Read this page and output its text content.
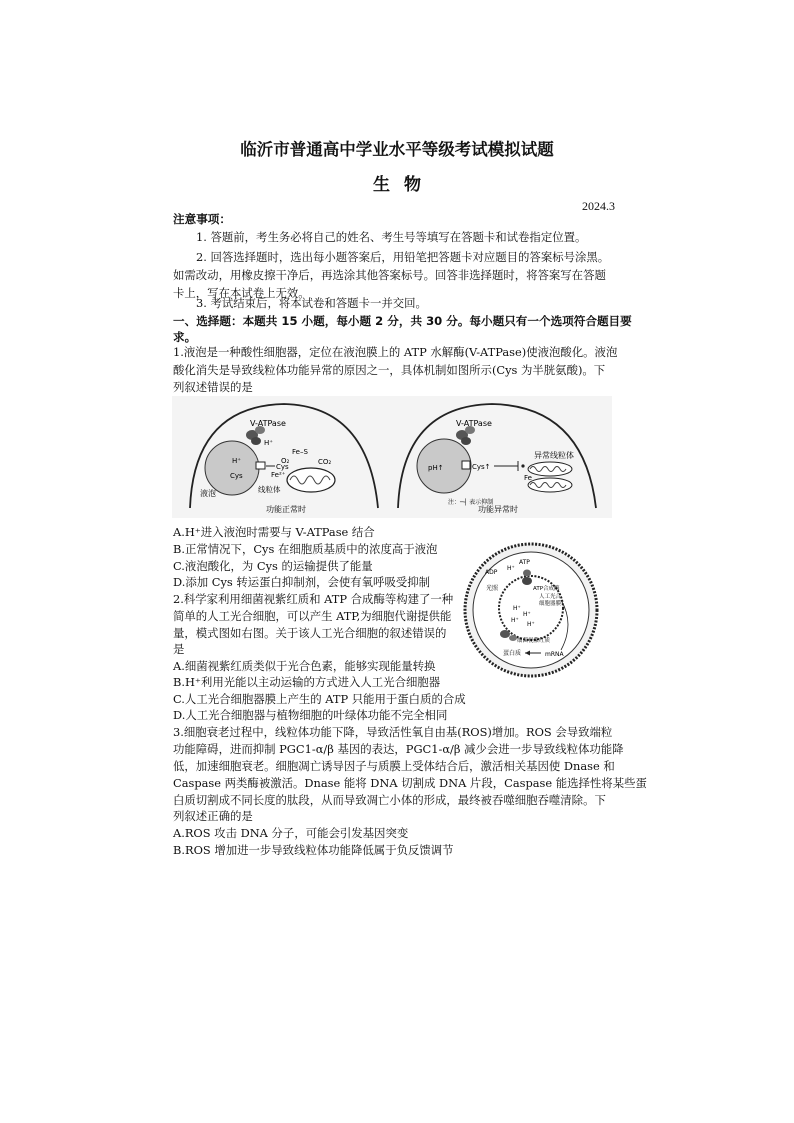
临沂市普通高中学业水平等级考试模拟试题
生物
2024.3
注意事项：
1. 答题前，考生务必将自己的姓名、考生号等填写在答题卡和试卷指定位置。
2. 回答选择题时，选出每小题答案后，用铅笔把答题卡对应题目的答案标号涂黑。
如需改动，用橡皮擦干净后，再选涂其他答案标号。回答非选择题时，将答案写在答题
卡上，写在本试卷上无效。
3. 考试结束后，将本试卷和答题卡一并交回。
一、选择题：本题共 15 小题，每小题 2 分，共 30 分。每小题只有一个选项符合题目要
求。
1.液泡是一种酸性细胞器，定位在液泡膜上的 ATP 水解酶(V-ATPase)使液泡酸化。液泡
酸化消失是导致线粒体功能异常的原因之一，具体机制如图所示(Cys 为半胱氨酸)。下
列叙述错误的是
V-ATPase
H⁺
H⁺
Cys
Cys
液泡
Fe–S
O₂	CO₂
Fe²⁺
线粒体
功能正常时
V-ATPase
pH↑	Cys↑
异常线粒体
Fe
注：─┤ 表示抑制
功能异常时
A.H⁺进入液泡时需要与 V-ATPase 结合
B.正常情况下，Cys 在细胞质基质中的浓度高于液泡
C.液泡酸化，为 Cys 的运输提供了能量
D.添加 Cys 转运蛋白抑制剂，会使有氧呼吸受抑制
ADP
H⁺
ATP
光照	ATP合成酶
人工光合
细胞器膜
H⁺
H⁺
H⁺
H⁺
细菌视紫红质
蛋白质	mRNA
2.科学家利用细菌视紫红质和 ATP 合成酶等构建了一种
简单的人工光合细胞，可以产生 ATP,为细胞代谢提供能
量，模式图如右图。关于该人工光合细胞的叙述错误的
是
A.细菌视紫红质类似于光合色素，能够实现能量转换
B.H⁺利用光能以主动运输的方式进入人工光合细胞器
C.人工光合细胞器膜上产生的 ATP 只能用于蛋白质的合成
D.人工光合细胞器与植物细胞的叶绿体功能不完全相同
3.细胞衰老过程中，线粒体功能下降，导致活性氧自由基(ROS)增加。ROS 会导致端粒
功能障碍，进而抑制 PGC1-α/β 基因的表达，PGC1-α/β 减少会进一步导致线粒体功能降
低，加速细胞衰老。细胞凋亡诱导因子与质膜上受体结合后，激活相关基因使 Dnase 和
Caspase 两类酶被激活。Dnase 能将 DNA 切割成 DNA 片段，Caspase 能选择性将某些蛋
白质切割成不同长度的肽段，从而导致凋亡小体的形成，最终被吞噬细胞吞噬清除。下
列叙述正确的是
A.ROS 攻击 DNA 分子，可能会引发基因突变
B.ROS 增加进一步导致线粒体功能降低属于负反馈调节
